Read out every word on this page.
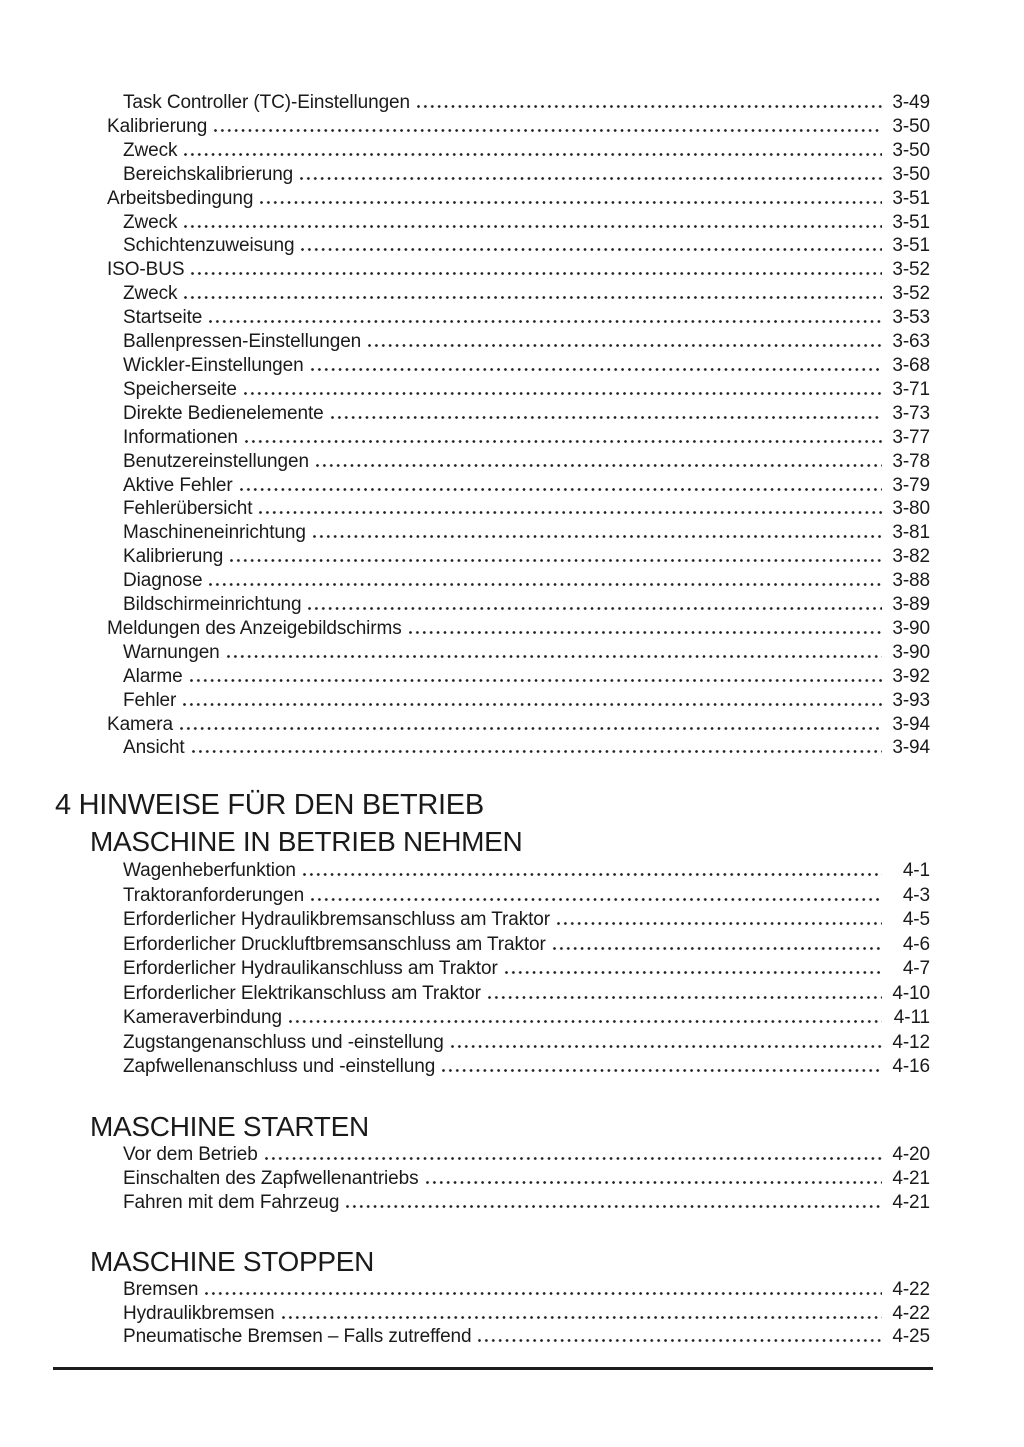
Task Controller (TC)-Einstellungen	3-49
Kalibrierung	3-50
Zweck	3-50
Bereichskalibrierung	3-50
Arbeitsbedingung	3-51
Zweck	3-51
Schichtenzuweisung	3-51
ISO-BUS	3-52
Zweck	3-52
Startseite	3-53
Ballenpressen-Einstellungen	3-63
Wickler-Einstellungen	3-68
Speicherseite	3-71
Direkte Bedienelemente	3-73
Informationen	3-77
Benutzereinstellungen	3-78
Aktive Fehler	3-79
Fehlerübersicht	3-80
Maschineneinrichtung	3-81
Kalibrierung	3-82
Diagnose	3-88
Bildschirmeinrichtung	3-89
Meldungen des Anzeigebildschirms	3-90
Warnungen	3-90
Alarme	3-92
Fehler	3-93
Kamera	3-94
Ansicht	3-94
4 HINWEISE FÜR DEN BETRIEB
MASCHINE IN BETRIEB NEHMEN
Wagenheberfunktion	4-1
Traktoranforderungen	4-3
Erforderlicher Hydraulikbremsanschluss am Traktor	4-5
Erforderlicher Druckluftbremsanschluss am Traktor	4-6
Erforderlicher Hydraulikanschluss am Traktor	4-7
Erforderlicher Elektrikanschluss am Traktor	4-10
Kameraverbindung	4-11
Zugstangenanschluss und -einstellung	4-12
Zapfwellenanschluss und -einstellung	4-16
MASCHINE STARTEN
Vor dem Betrieb	4-20
Einschalten des Zapfwellenantriebs	4-21
Fahren mit dem Fahrzeug	4-21
MASCHINE STOPPEN
Bremsen	4-22
Hydraulikbremsen	4-22
Pneumatische Bremsen – Falls zutreffend	4-25
